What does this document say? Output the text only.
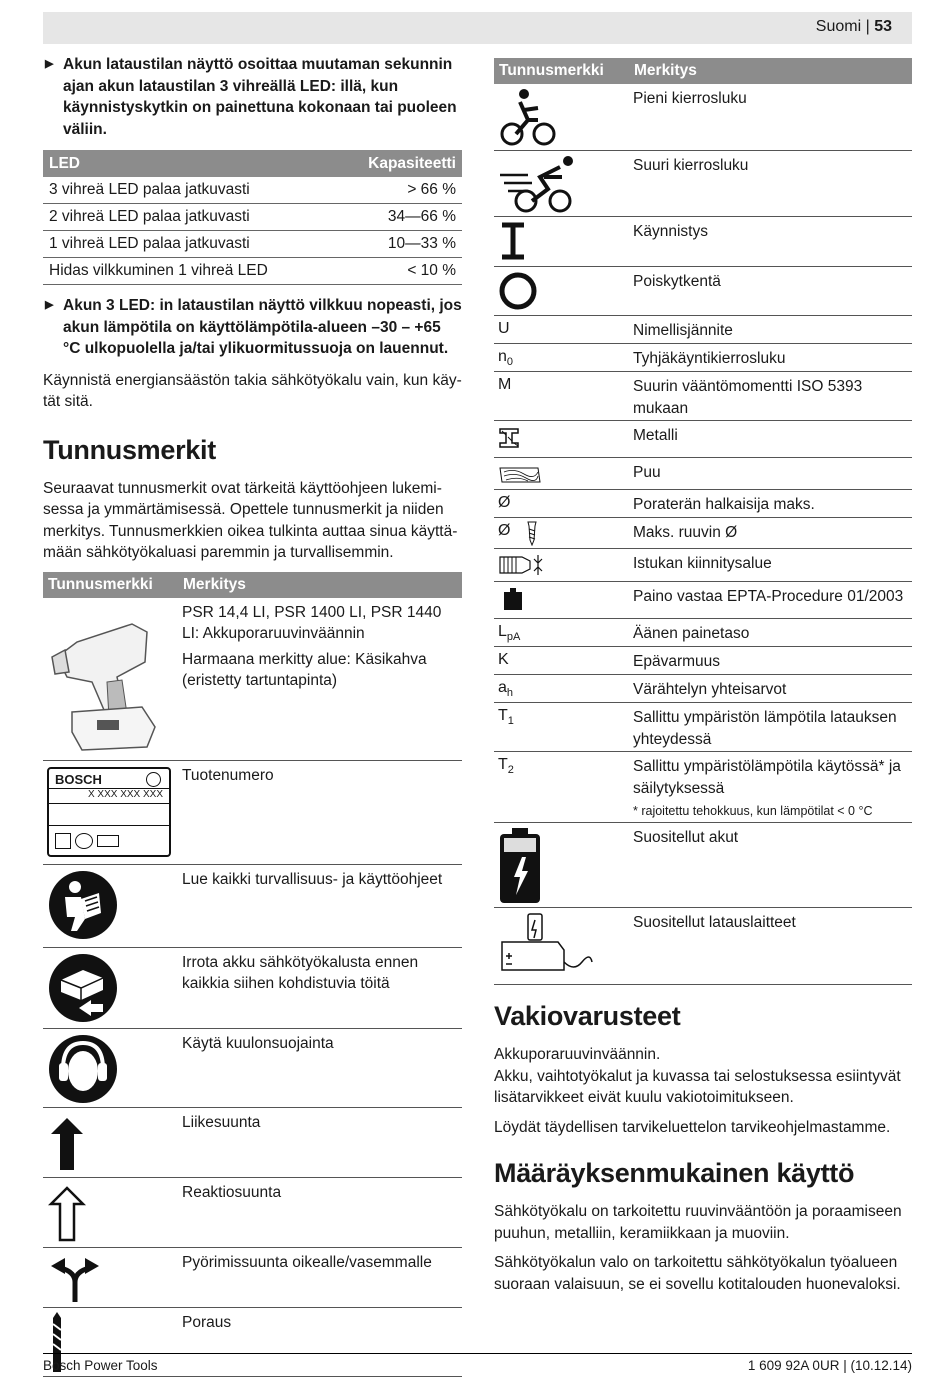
Suomi | 53
▶ Akun lataustilan näyttö osoittaa muutaman sekunnin ajan akun lataustilan 3 vihreällä LED: illä, kun käynnistyskytkin on painettuna kokonaan tai puoleen väliin.
LED	Kapasiteetti
3 vihreä LED palaa jatkuvasti	> 66 %
2 vihreä LED palaa jatkuvasti	34—66 %
1 vihreä LED palaa jatkuvasti	10—33 %
Hidas vilkkuminen 1 vihreä LED	< 10 %
▶ Akun 3 LED: in lataustilan näyttö vilkkuu nopeasti, jos akun lämpötila on käyttölämpötila-alueen –30 – +65 °C ulkopuolella ja/tai ylikuormitussuoja on lauennut.

Käynnistä energiansäästön takia sähkötyökalu vain, kun käytät sitä.

Tunnusmerkit

Seuraavat tunnusmerkit ovat tärkeitä käyttöohjeen lukemisessa ja ymmärtämisessä. Opettele tunnusmerkit ja niiden merkitys. Tunnusmerkkien oikea tulkinta auttaa sinua käyttämään sähkötyökaluasi paremmin ja turvallisemmin.

Tunnusmerkki Merkitys
PSR 14,4 LI, PSR 1400 LI, PSR 1440 LI: Akkuporaruuvinväännin
Harmaana merkitty alue: Käsikahva (eristetty tartuntapinta)
BOSCH
X XXX XXX XXX
Tuotenumero
Lue kaikki turvallisuus- ja käyttöohjeet
Irrota akku sähkötyökalusta ennen kaikkia siihen kohdistuvia töitä
Käytä kuulonsuojainta
Liikesuunta
Reaktiosuunta
Pyörimissuunta oikealle/vasemmalle
Poraus
Tunnusmerkki Merkitys
Pieni kierrosluku
Suuri kierrosluku
Käynnistys
Poiskytkentä
U	Nimellisjännite
$n_0$	Tyhjäkäyntikierrosluku
M	Suurin vääntömomentti ISO 5393 mukaan
Metalli
Puu
Ø	Poraterän halkaisija maks.
Ø	Maks. ruuvin Ø
Istukan kiinnitysalue
Paino vastaa EPTA-Procedure 01/2003
$L_{pA}$	Äänen painetaso
K	Epävarmuus
$a_h$	Värähtelyn yhteisarvot
$T_1$	Sallittu ympäristön lämpötila latauksen yhteydessä
$T_2$	Sallittu ympäristölämpötila käytössä* ja säilytyksessä
* rajoitettu tehokkuus, kun lämpötilat < 0 °C
Suositellut akut
Suositellut latauslaitteet
Vakiovarusteet

Akkuporaruuvinväännin.

Akku, vaihtotyökalut ja kuvassa tai selostuksessa esiintyvät lisätarvikkeet eivät kuulu vakiotoimitukseen.

Löydät täydellisen tarvikeluettelon tarvikeohjelmastamme.

Määräyksenmukainen käyttö

Sähkötyökalu on tarkoitettu ruuvinvääntöön ja poraamiseen puuhun, metalliin, keramiikkaan ja muoviin.

Sähkötyökalun valo on tarkoitettu sähkötyökalun työalueen suoraan valaisuun, se ei sovellu kotitalouden huonevaloksi.

Bosch Power Tools	1 609 92A 0UR | (10.12.14)
